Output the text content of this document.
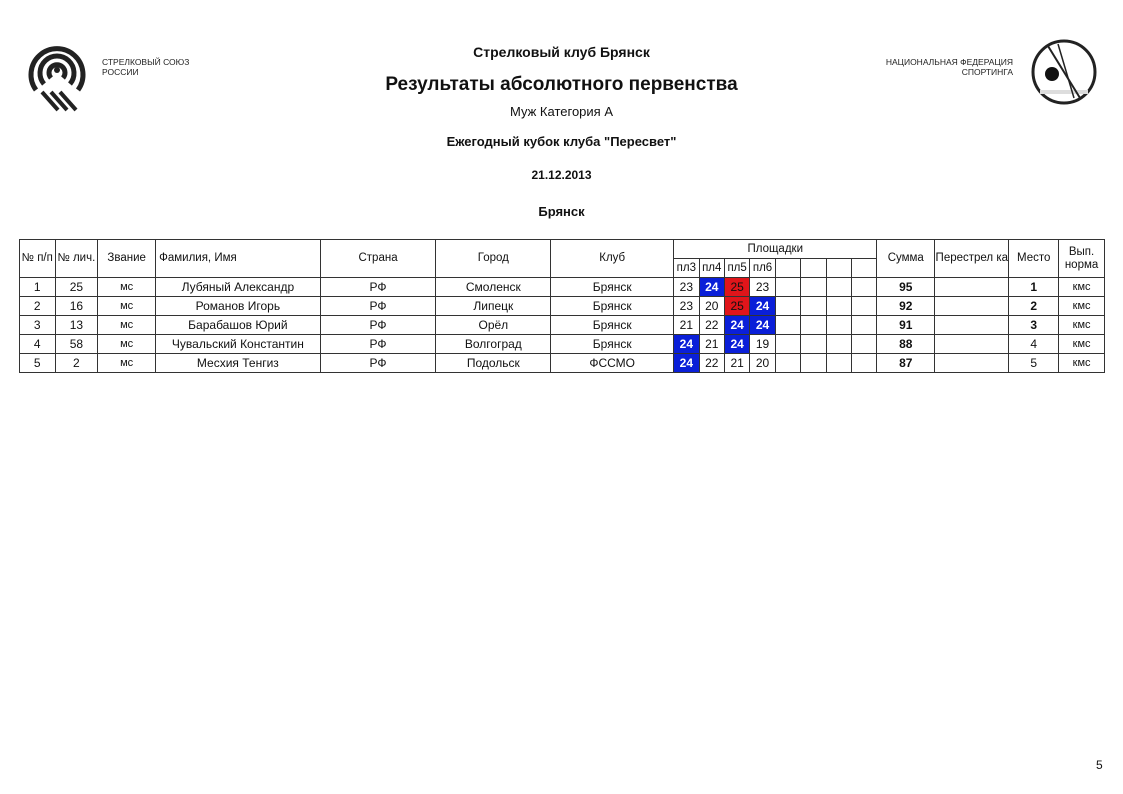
СТРЕЛКОВЫЙ СОЮЗ
РОССИИ
НАЦИОНАЛЬНАЯ ФЕДЕРАЦИЯ
СПОРТИНГА
Стрелковый клуб Брянск
Результаты абсолютного первенства
Муж Категория А
Ежегодный кубок клуба "Пересвет"
21.12.2013
Брянск
№ п/п	№ лич.	Звание	Фамилия, Имя	Страна	Город	Клуб	Площадки								Сумма	Перестрел ка	Место	Вып. норма
							пл3	пл4	пл5	пл6								
1	25	мс	Лубяный Александр	РФ	Смоленск	Брянск	23	24	25	23					95		1	кмс
2	16	мс	Романов Игорь	РФ	Липецк	Брянск	23	20	25	24					92		2	кмс
3	13	мс	Барабашов Юрий	РФ	Орёл	Брянск	21	22	24	24					91		3	кмс
4	58	мс	Чувальский Константин	РФ	Волгоград	Брянск	24	21	24	19					88		4	кмс
5	2	мс	Месхия Тенгиз	РФ	Подольск	ФССМО	24	22	21	20					87		5	кмс
5
